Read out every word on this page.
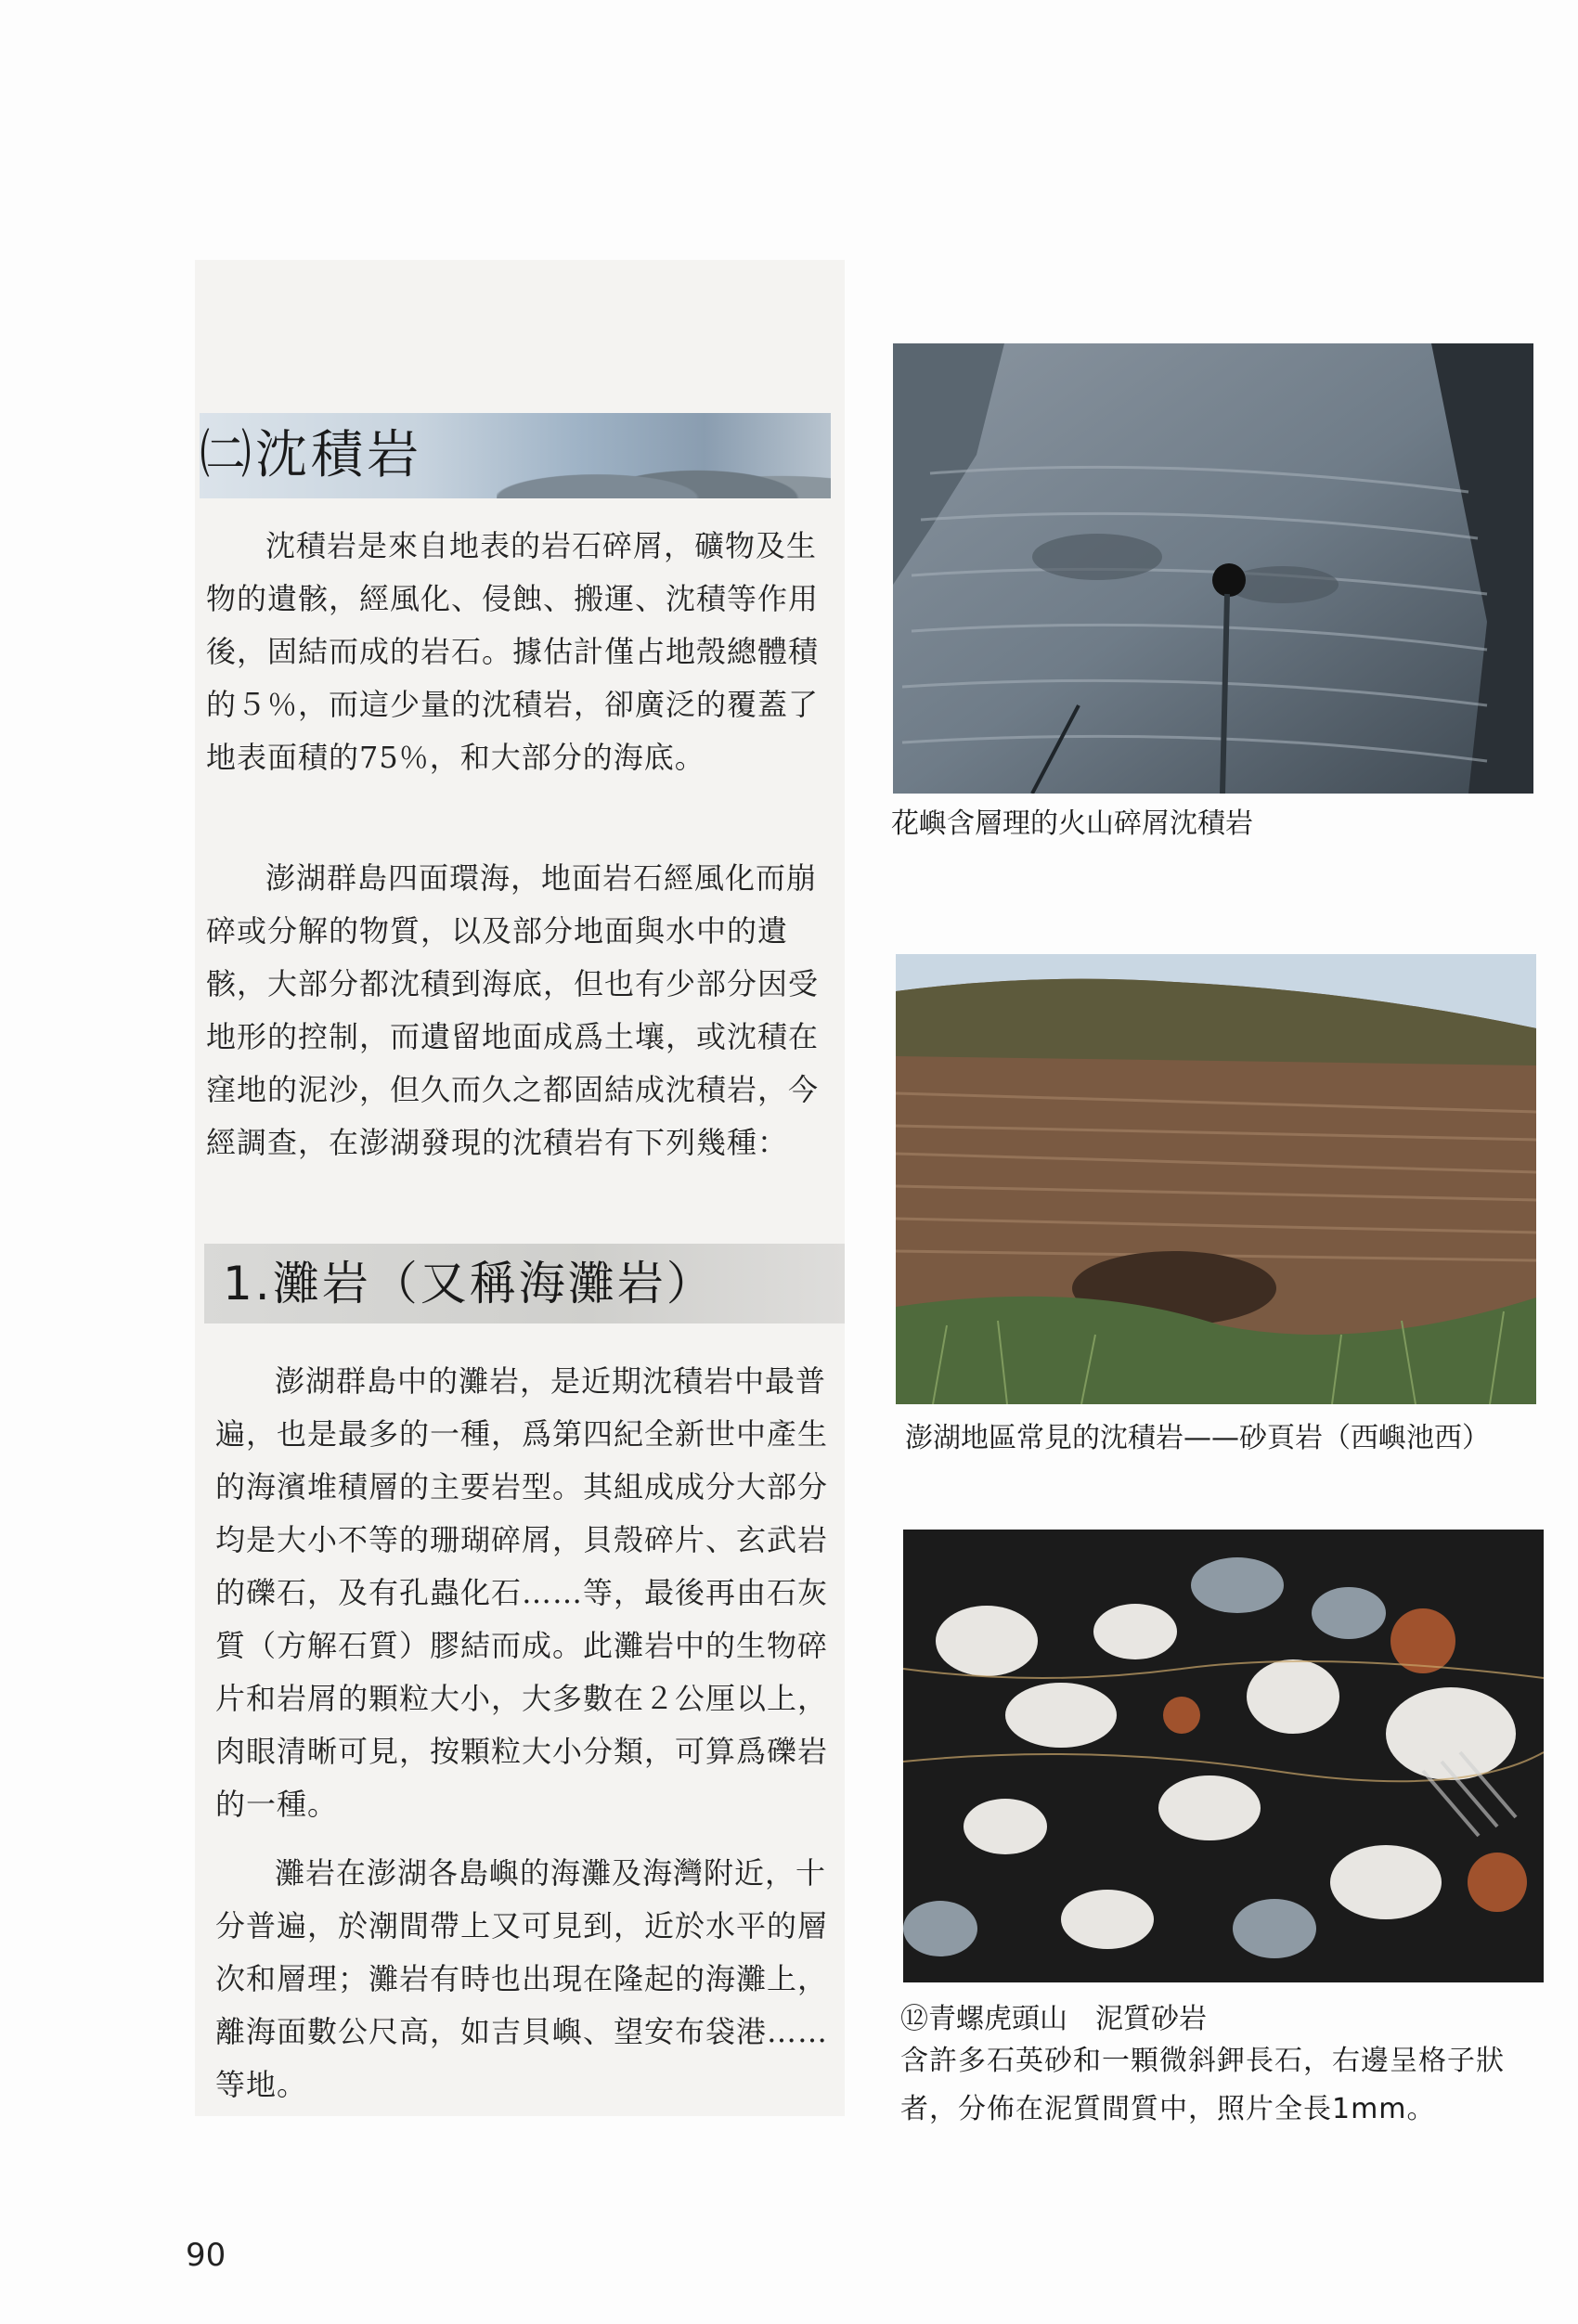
㈡沈積岩

沈積岩是來自地表的岩石碎屑，礦物及生物的遺骸，經風化、侵蝕、搬運、沈積等作用後，固結而成的岩石。據估計僅占地殼總體積的５％，而這少量的沈積岩，卻廣泛的覆蓋了地表面積的75％，和大部分的海底。

澎湖群島四面環海，地面岩石經風化而崩碎或分解的物質，以及部分地面與水中的遺骸，大部分都沈積到海底，但也有少部分因受地形的控制，而遺留地面成爲土壤，或沈積在窪地的泥沙，但久而久之都固結成沈積岩，今經調查，在澎湖發現的沈積岩有下列幾種：

1.灘岩（又稱海灘岩）

澎湖群島中的灘岩，是近期沈積岩中最普遍，也是最多的一種，爲第四紀全新世中產生的海濱堆積層的主要岩型。其組成成分大部分均是大小不等的珊瑚碎屑，貝殼碎片、玄武岩的礫石，及有孔蟲化石……等，最後再由石灰質（方解石質）膠結而成。此灘岩中的生物碎片和岩屑的顆粒大小，大多數在２公厘以上，肉眼清晰可見，按顆粒大小分類，可算爲礫岩的一種。

灘岩在澎湖各島嶼的海灘及海灣附近，十分普遍，於潮間帶上又可見到，近於水平的層次和層理；灘岩有時也出現在隆起的海灘上，離海面數公尺高，如吉貝嶼、望安布袋港……等地。

花嶼含層理的火山碎屑沈積岩

澎湖地區常見的沈積岩——砂頁岩（西嶼池西）

⑫青螺虎頭山　泥質砂岩

含許多石英砂和一顆微斜鉀長石，右邊呈格子狀者，分佈在泥質間質中，照片全長1mm。

90
